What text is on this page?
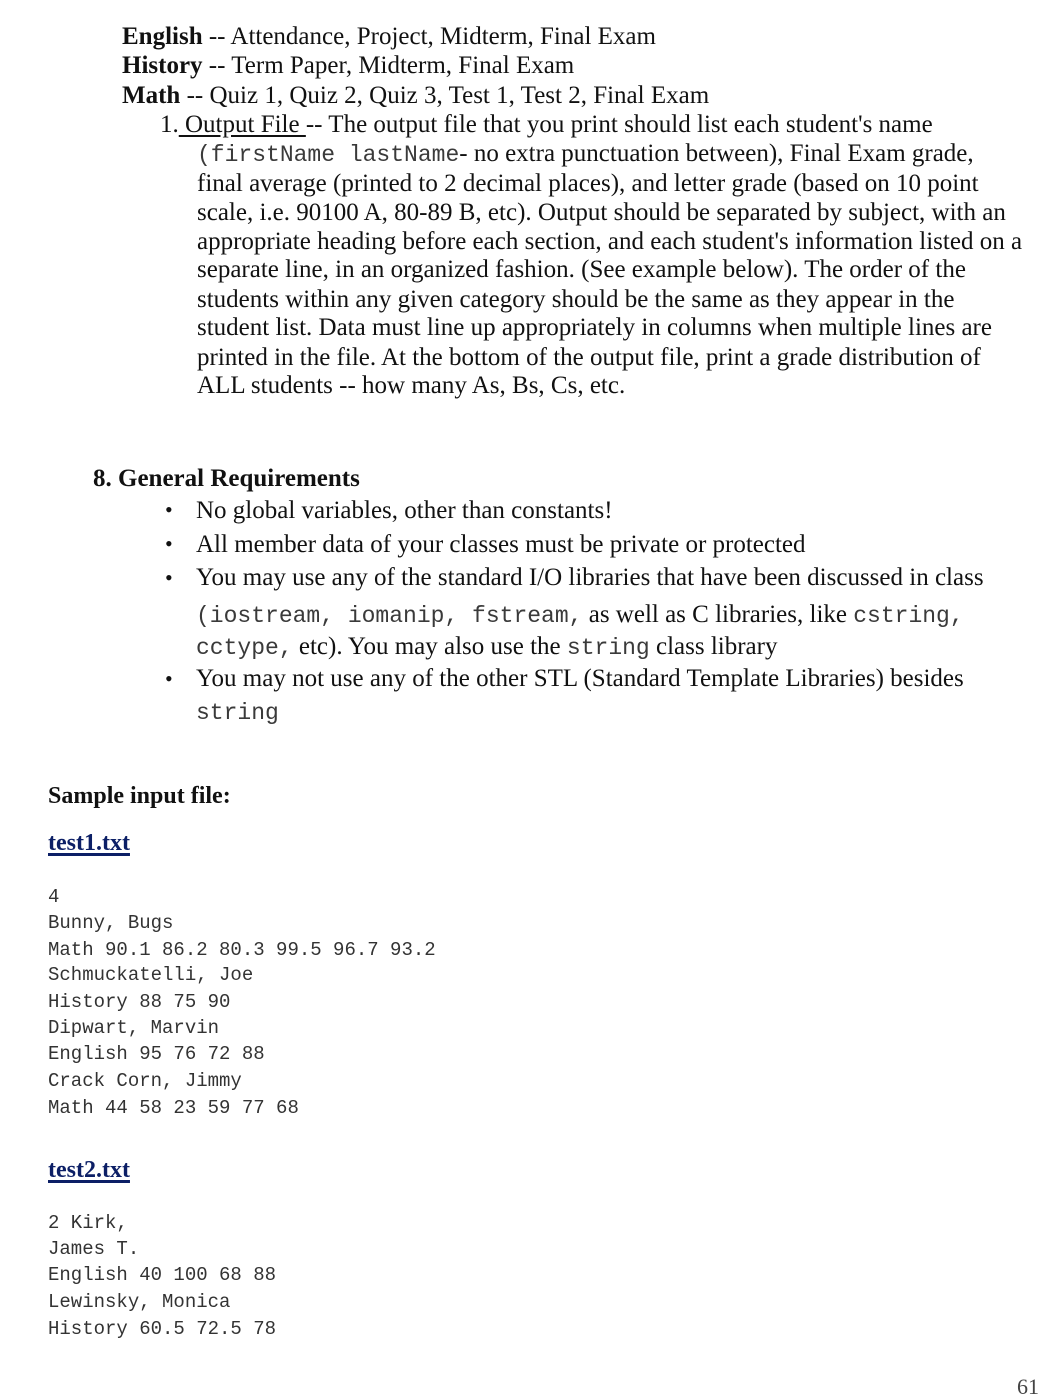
English -- Attendance, Project, Midterm, Final Exam
History -- Term Paper, Midterm, Final Exam
Math -- Quiz 1, Quiz 2, Quiz 3, Test 1, Test 2, Final Exam
1. Output File -- The output file that you print should list each student's name
(firstName lastName- no extra punctuation between), Final Exam grade,
final average (printed to 2 decimal places), and letter grade (based on 10 point
scale, i.e. 90100 A, 80-89 B, etc). Output should be separated by subject, with an
appropriate heading before each section, and each student's information listed on a
separate line, in an organized fashion. (See example below). The order of the
students within any given category should be the same as they appear in the
student list. Data must line up appropriately in columns when multiple lines are
printed in the file. At the bottom of the output file, print a grade distribution of
ALL students -- how many As, Bs, Cs, etc.
8. General Requirements
• No global variables, other than constants!
• All member data of your classes must be private or protected
• You may use any of the standard I/O libraries that have been discussed in class
(iostream, iomanip, fstream, as well as C libraries, like cstring,
cctype, etc). You may also use the string class library
• You may not use any of the other STL (Standard Template Libraries) besides
string
Sample input file:
test1.txt
4
Bunny, Bugs
Math 90.1 86.2 80.3 99.5 96.7 93.2
Schmuckatelli, Joe
History 88 75 90
Dipwart, Marvin
English 95 76 72 88
Crack Corn, Jimmy
Math 44 58 23 59 77 68
test2.txt
2 Kirk,
James T.
English 40 100 68 88
Lewinsky, Monica
History 60.5 72.5 78
61
